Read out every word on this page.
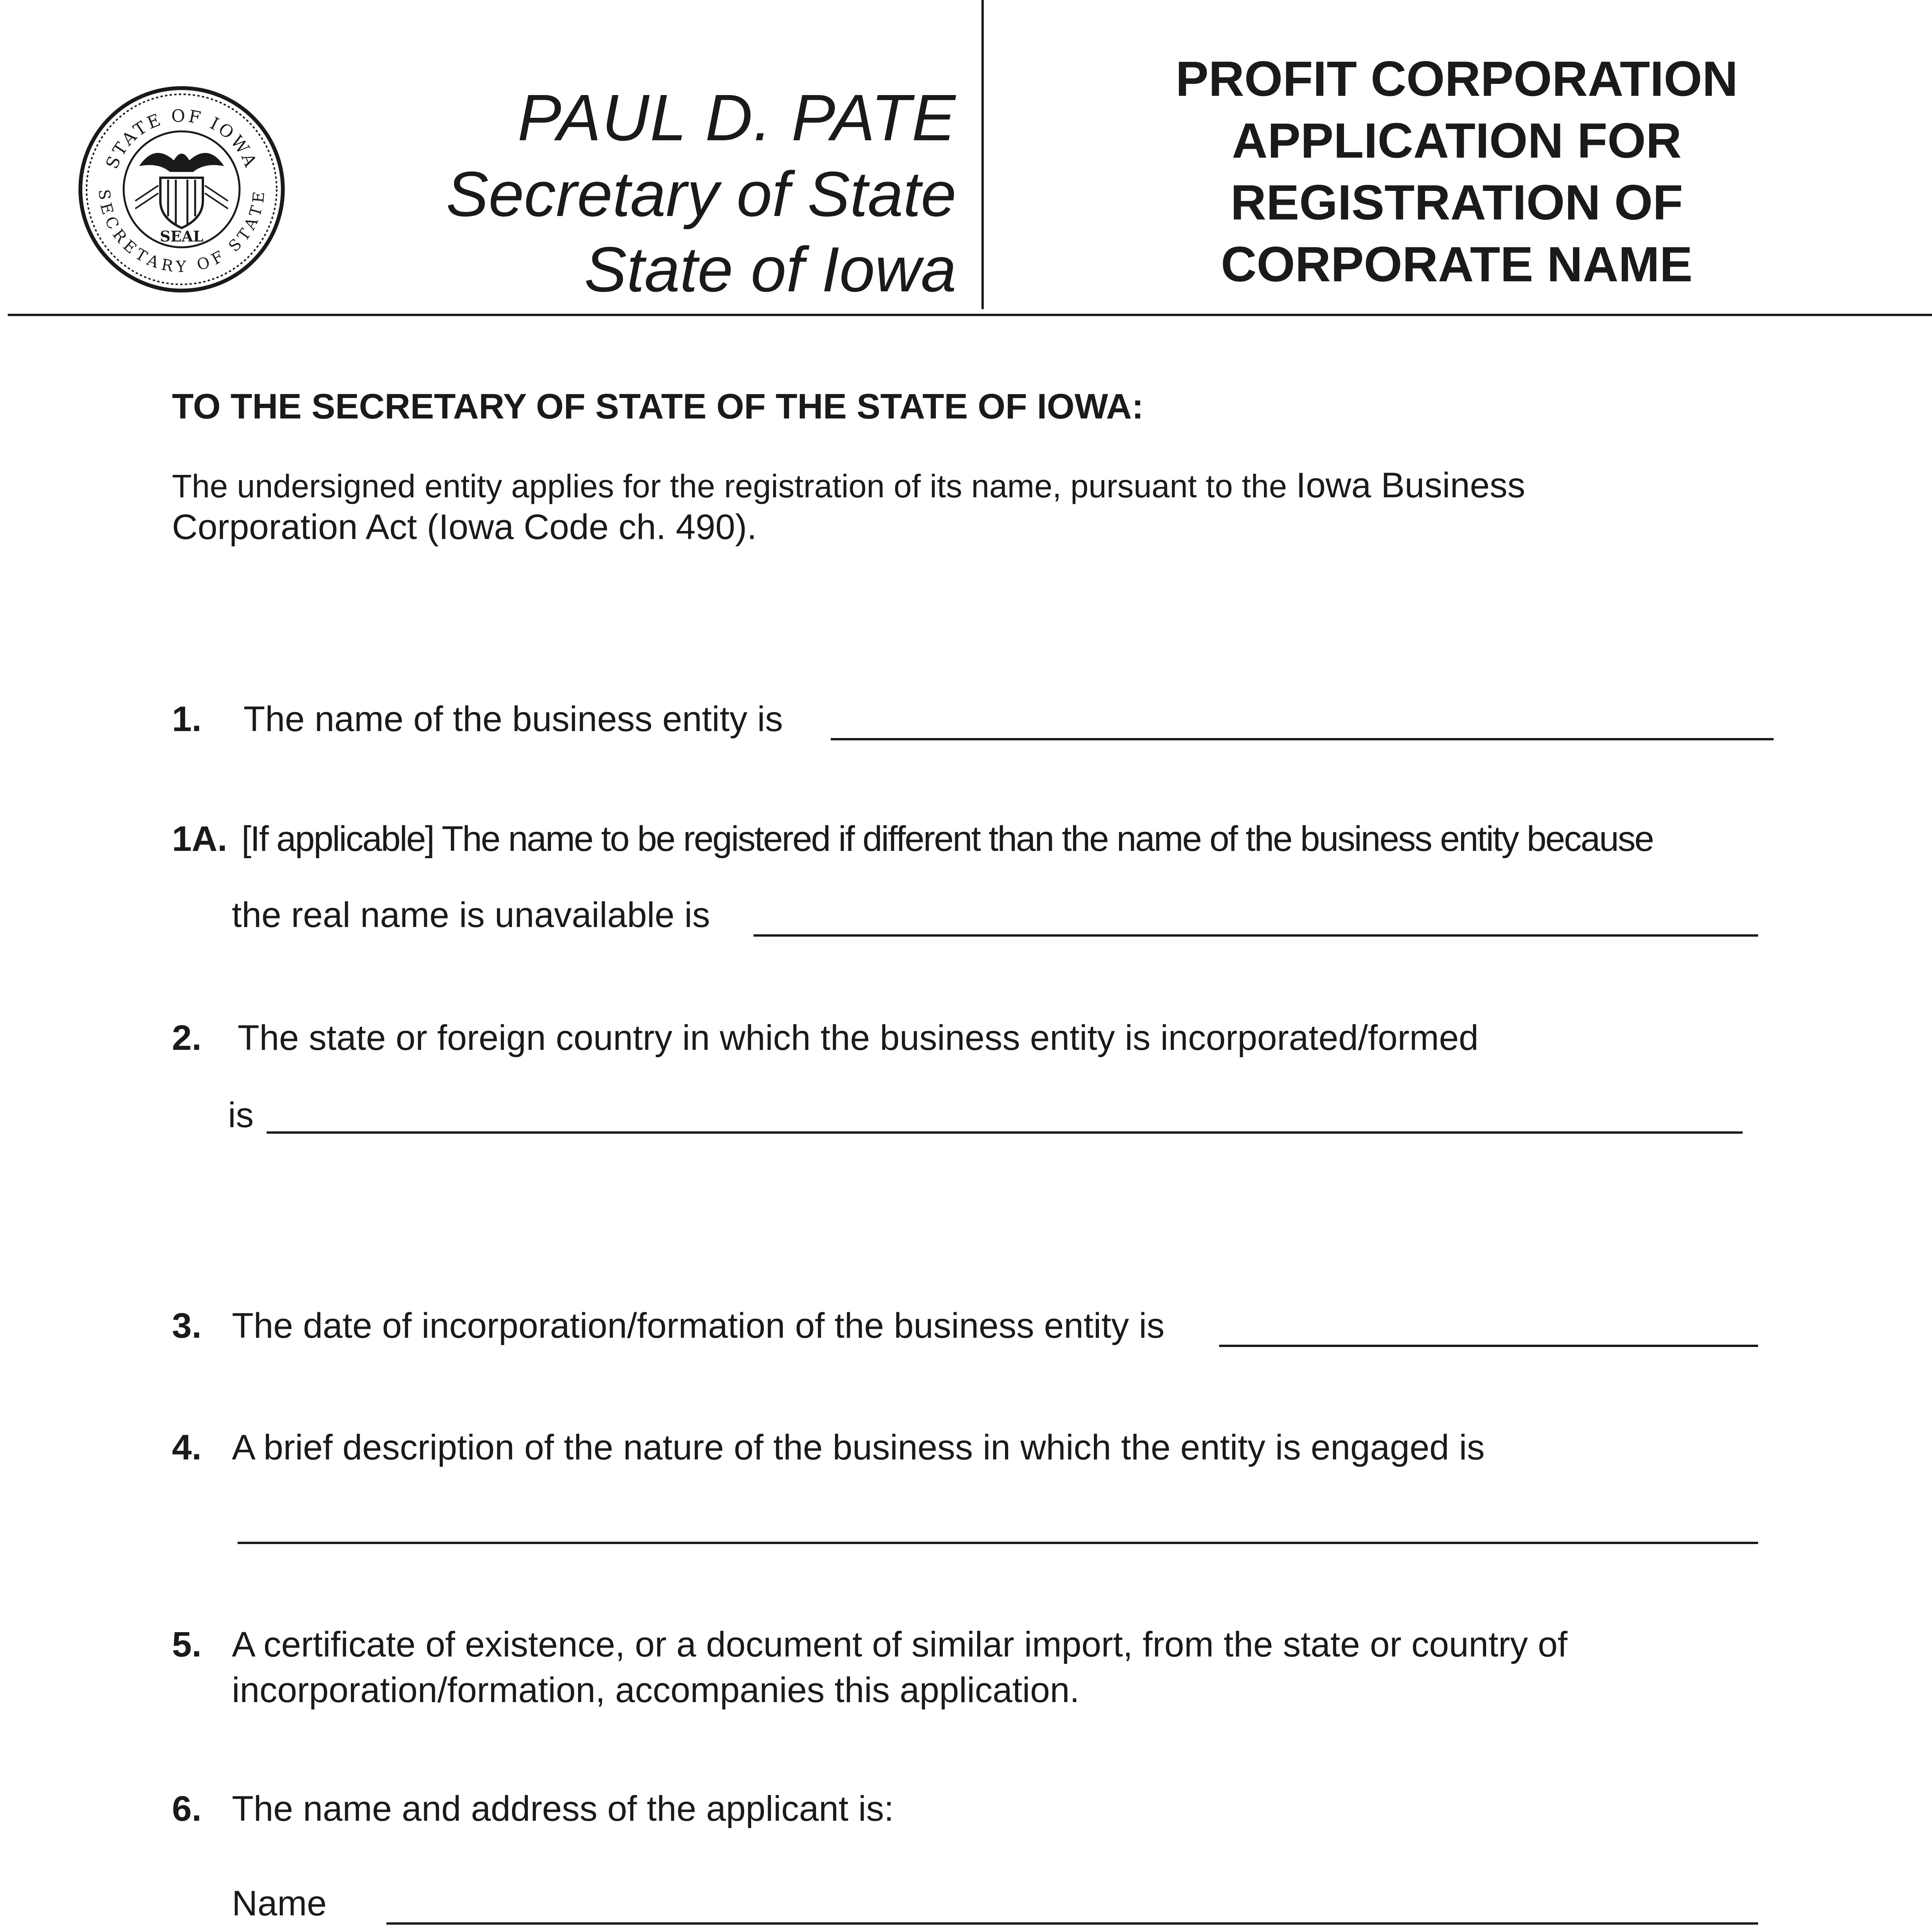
STATE OF IOWA
SECRETARY OF STATE
SEAL
PAUL D. PATE
Secretary of State
State of Iowa
PROFIT CORPORATION
APPLICATION FOR
REGISTRATION OF
CORPORATE NAME
TO THE SECRETARY OF STATE OF THE STATE OF IOWA:
The undersigned entity applies for the registration of its name, pursuant to the Iowa Business
Corporation Act (Iowa Code ch. 490).
1. The name of the business entity is
1A. [If applicable] The name to be registered if different than the name of the business entity because
the real name is unavailable is
2. The state or foreign country in which the business entity is incorporated/formed
is
3. The date of incorporation/formation of the business entity is
4. A brief description of the nature of the business in which the entity is engaged is
5. A certificate of existence, or a document of similar import, from the state or country of
incorporation/formation, accompanies this application.
6. The name and address of the applicant is:
Name
